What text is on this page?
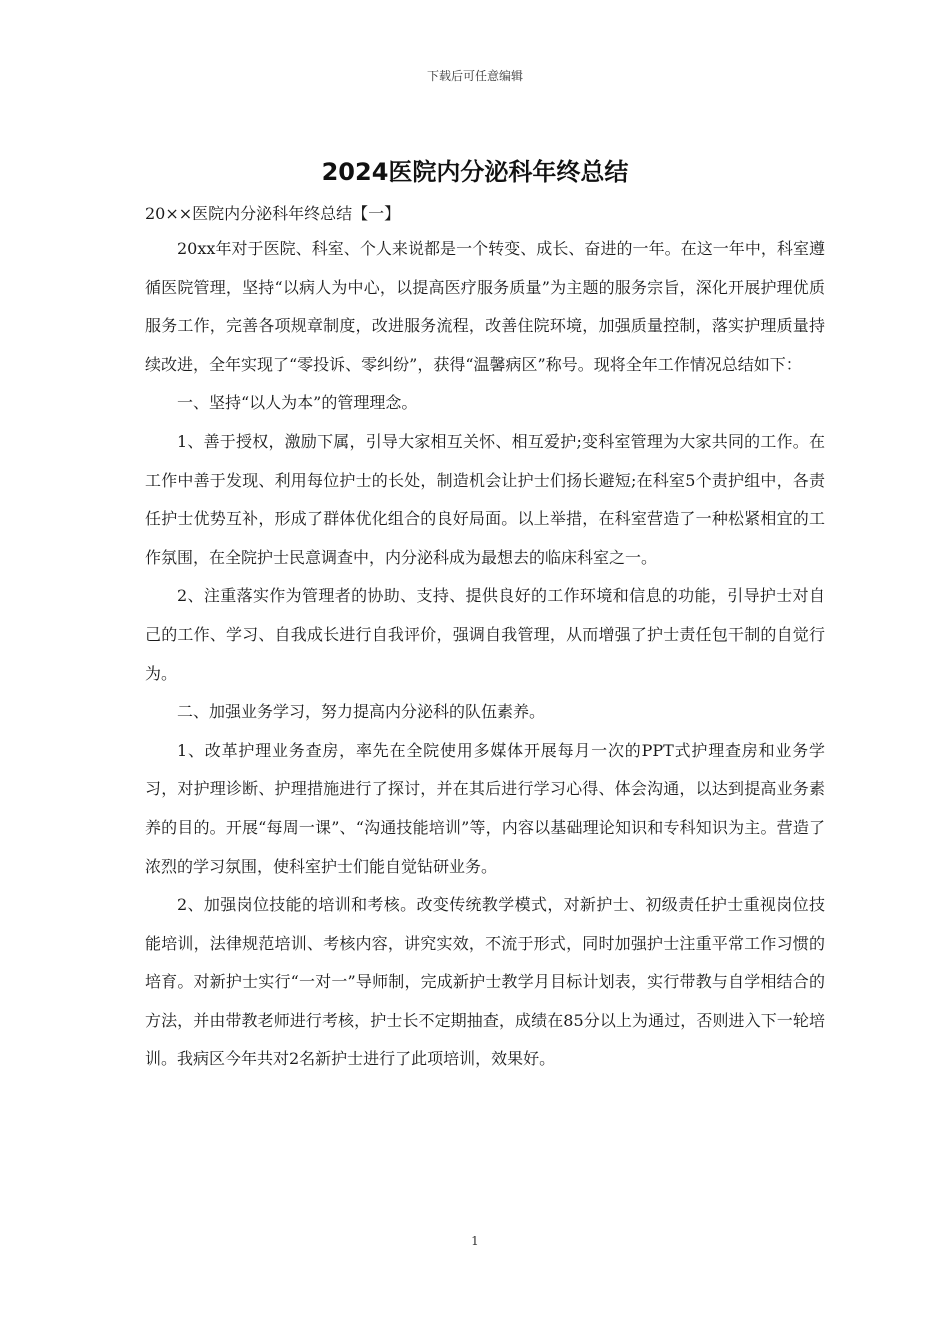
下载后可任意编辑
2024医院内分泌科年终总结

20××医院内分泌科年终总结【一】

20xx年对于医院、科室、个人来说都是一个转变、成长、奋进的一年。在这一年中，科室遵循医院管理，坚持“以病人为中心，以提高医疗服务质量”为主题的服务宗旨，深化开展护理优质服务工作，完善各项规章制度，改进服务流程，改善住院环境，加强质量控制，落实护理质量持续改进，全年实现了“零投诉、零纠纷”，获得“温馨病区”称号。现将全年工作情况总结如下：

一、坚持“以人为本”的管理理念。

1、善于授权，激励下属，引导大家相互关怀、相互爱护;变科室管理为大家共同的工作。在工作中善于发现、利用每位护士的长处，制造机会让护士们扬长避短;在科室5个责护组中，各责任护士优势互补，形成了群体优化组合的良好局面。以上举措，在科室营造了一种松紧相宜的工作氛围，在全院护士民意调查中，内分泌科成为最想去的临床科室之一。

2、注重落实作为管理者的协助、支持、提供良好的工作环境和信息的功能，引导护士对自己的工作、学习、自我成长进行自我评价，强调自我管理，从而增强了护士责任包干制的自觉行为。

二、加强业务学习，努力提高内分泌科的队伍素养。

1、改革护理业务查房，率先在全院使用多媒体开展每月一次的PPT式护理查房和业务学习，对护理诊断、护理措施进行了探讨，并在其后进行学习心得、体会沟通，以达到提高业务素养的目的。开展“每周一课”、“沟通技能培训”等，内容以基础理论知识和专科知识为主。营造了浓烈的学习氛围，使科室护士们能自觉钻研业务。

2、加强岗位技能的培训和考核。改变传统教学模式，对新护士、初级责任护士重视岗位技能培训，法律规范培训、考核内容，讲究实效，不流于形式，同时加强护士注重平常工作习惯的培育。对新护士实行“一对一”导师制，完成新护士教学月目标计划表，实行带教与自学相结合的方法，并由带教老师进行考核，护士长不定期抽查，成绩在85分以上为通过，否则进入下一轮培训。我病区今年共对2名新护士进行了此项培训，效果好。

1
